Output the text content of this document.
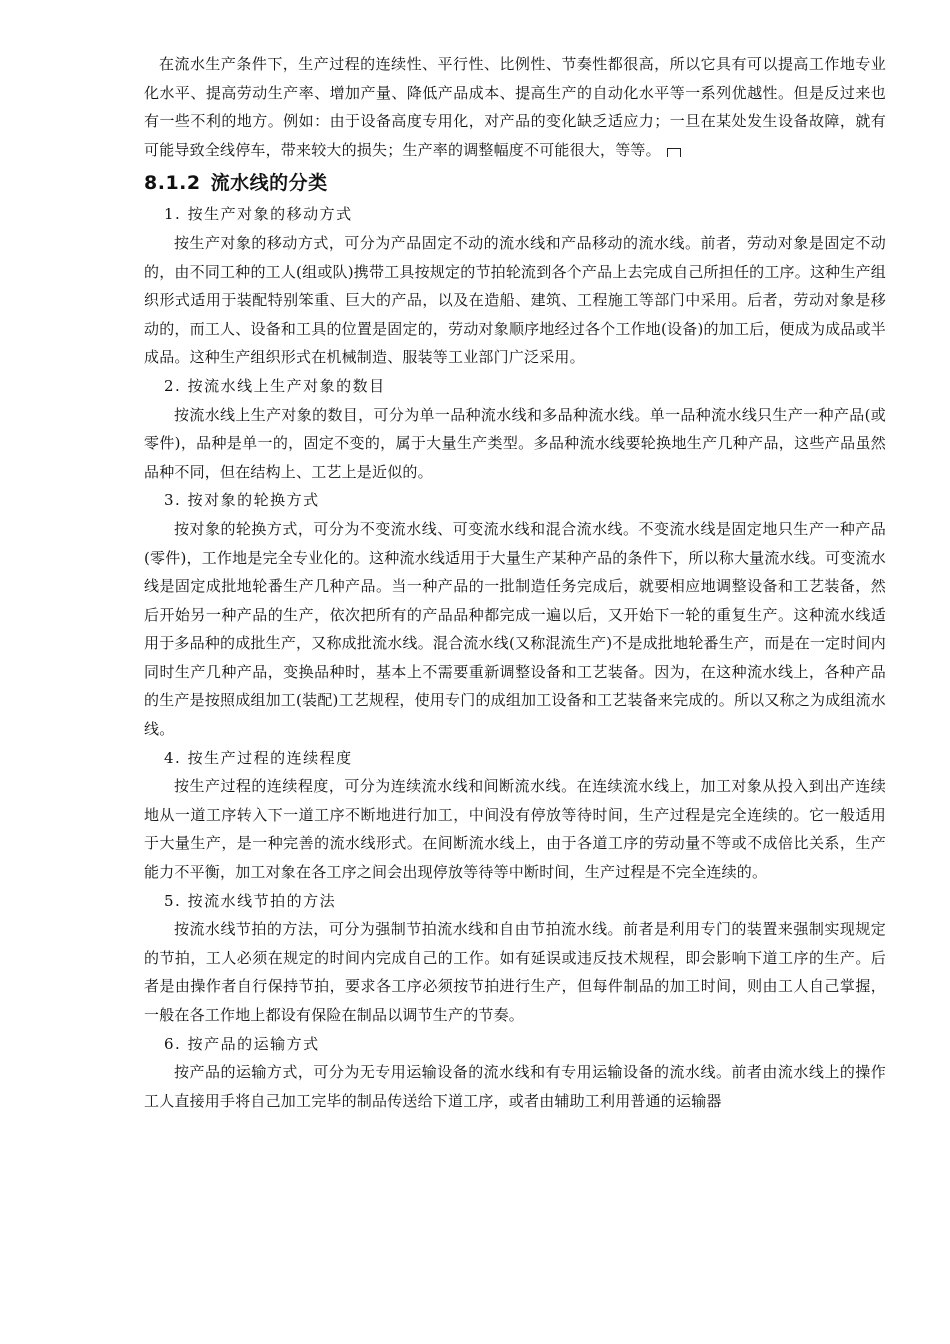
在流水生产条件下，生产过程的连续性、平行性、比例性、节奏性都很高，所以它具有可以提高工作地专业化水平、提高劳动生产率、增加产量、降低产品成本、提高生产的自动化水平等一系列优越性。但是反过来也有一些不利的地方。例如：由于设备高度专用化，对产品的变化缺乏适应力；一旦在某处发生设备故障，就有可能导致全线停车，带来较大的损失；生产率的调整幅度不可能很大，等等。

8.1.2 流水线的分类

1. 按生产对象的移动方式

按生产对象的移动方式，可分为产品固定不动的流水线和产品移动的流水线。前者，劳动对象是固定不动的，由不同工种的工人(组或队)携带工具按规定的节拍轮流到各个产品上去完成自己所担任的工序。这种生产组织形式适用于装配特别笨重、巨大的产品，以及在造船、建筑、工程施工等部门中采用。后者，劳动对象是移动的，而工人、设备和工具的位置是固定的，劳动对象顺序地经过各个工作地(设备)的加工后，便成为成品或半成品。这种生产组织形式在机械制造、服装等工业部门广泛采用。

2. 按流水线上生产对象的数目

按流水线上生产对象的数目，可分为单一品种流水线和多品种流水线。单一品种流水线只生产一种产品(或零件)，品种是单一的，固定不变的，属于大量生产类型。多品种流水线要轮换地生产几种产品，这些产品虽然品种不同，但在结构上、工艺上是近似的。

3. 按对象的轮换方式

按对象的轮换方式，可分为不变流水线、可变流水线和混合流水线。不变流水线是固定地只生产一种产品(零件)，工作地是完全专业化的。这种流水线适用于大量生产某种产品的条件下，所以称大量流水线。可变流水线是固定成批地轮番生产几种产品。当一种产品的一批制造任务完成后，就要相应地调整设备和工艺装备，然后开始另一种产品的生产，依次把所有的产品品种都完成一遍以后，又开始下一轮的重复生产。这种流水线适用于多品种的成批生产，又称成批流水线。混合流水线(又称混流生产)不是成批地轮番生产，而是在一定时间内同时生产几种产品，变换品种时，基本上不需要重新调整设备和工艺装备。因为，在这种流水线上，各种产品的生产是按照成组加工(装配)工艺规程，使用专门的成组加工设备和工艺装备来完成的。所以又称之为成组流水线。

4. 按生产过程的连续程度

按生产过程的连续程度，可分为连续流水线和间断流水线。在连续流水线上，加工对象从投入到出产连续地从一道工序转入下一道工序不断地进行加工，中间没有停放等待时间，生产过程是完全连续的。它一般适用于大量生产，是一种完善的流水线形式。在间断流水线上，由于各道工序的劳动量不等或不成倍比关系，生产能力不平衡，加工对象在各工序之间会出现停放等待等中断时间，生产过程是不完全连续的。

5. 按流水线节拍的方法

按流水线节拍的方法，可分为强制节拍流水线和自由节拍流水线。前者是利用专门的装置来强制实现规定的节拍，工人必须在规定的时间内完成自己的工作。如有延误或违反技术规程，即会影响下道工序的生产。后者是由操作者自行保持节拍，要求各工序必须按节拍进行生产，但每件制品的加工时间，则由工人自己掌握，一般在各工作地上都设有保险在制品以调节生产的节奏。

6. 按产品的运输方式

按产品的运输方式，可分为无专用运输设备的流水线和有专用运输设备的流水线。前者由流水线上的操作工人直接用手将自己加工完毕的制品传送给下道工序，或者由辅助工利用普通的运输器
